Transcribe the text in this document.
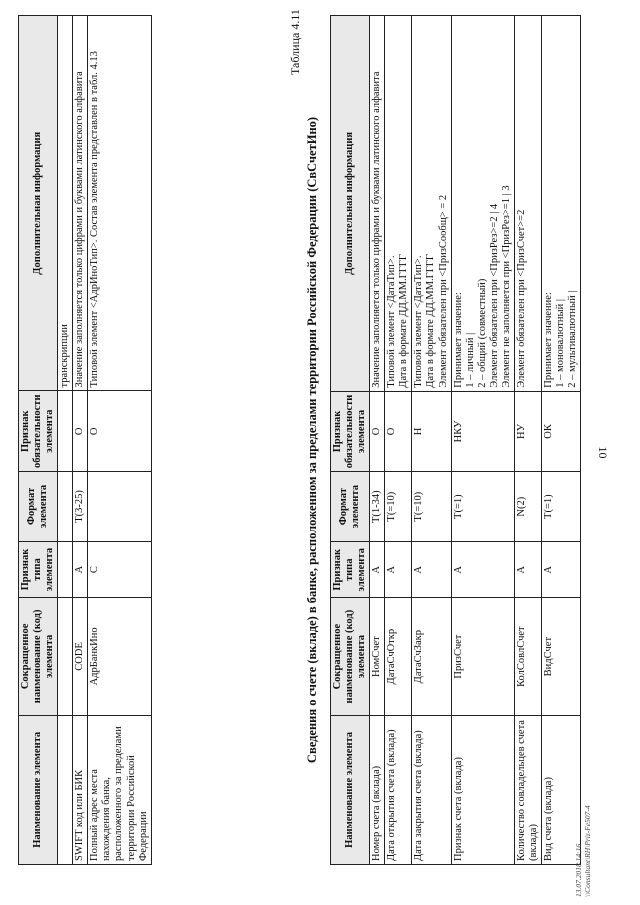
10
Наименование элемента	Сокращенное наименование (код) элемента	Признак типа элемента	Формат элемента	Признак обязательности элемента	Дополнительная информация
					транскрипции
SWIFT код или БИК	CODE	А	T(3-25)	О	Значение заполняется только цифрами и буквами латинского алфавита
Полный адрес места нахождения банка, расположенного за пределами территории Российской Федерации	АдрБанкИно	С		О	Типовой элемент <АдрИноТип>. Состав элемента представлен в табл. 4.13
Таблица 4.11
Сведения о счете (вкладе) в банке, расположенном за пределами территории Российской Федерации (СвСчетИно)
Наименование элемента	Сокращенное наименование (код) элемента	Признак типа элемента	Формат элемента	Признак обязательности элемента	Дополнительная информация
Номер счета (вклада)	НомСчет	А	T(1-34)	О	Значение заполняется только цифрами и буквами латинского алфавита

Дата открытия счета (вклада)	ДатаСчОткр	А	T(=10)	О	Типовой элемент <ДатаТип>. Дата в формате ДД.ММ.ГГГГ

Дата закрытия счета (вклада)	ДатаСчЗакр	А	T(=10)	Н	Типовой элемент <ДатаТип>. Дата в формате ДД.ММ.ГГГГ Элемент обязателен при <ПризСообщ> = 2

Признак счета (вклада)	ПризСчет	А	T(=1)	НКУ	Принимает значение: 1 – личный | 2 – общий (совместный) Элемент обязателен при <ПризРез>=2 | 4 Элемент не заполняется при <ПризРез>=1 | 3

Количество совладельцев счета (вклада)	КолСовлСчет	А	N(2)	НУ	Элемент обязателен при <ПризСчет>=2

Вид счета (вклада)	ВидСчет	А	T(=1)	ОК	Принимает значение: 1 – моновалютный | 2 – мультивалютный |
13.07.2018 14:16 \\Consultant\RH\Priz-Fe507-4
